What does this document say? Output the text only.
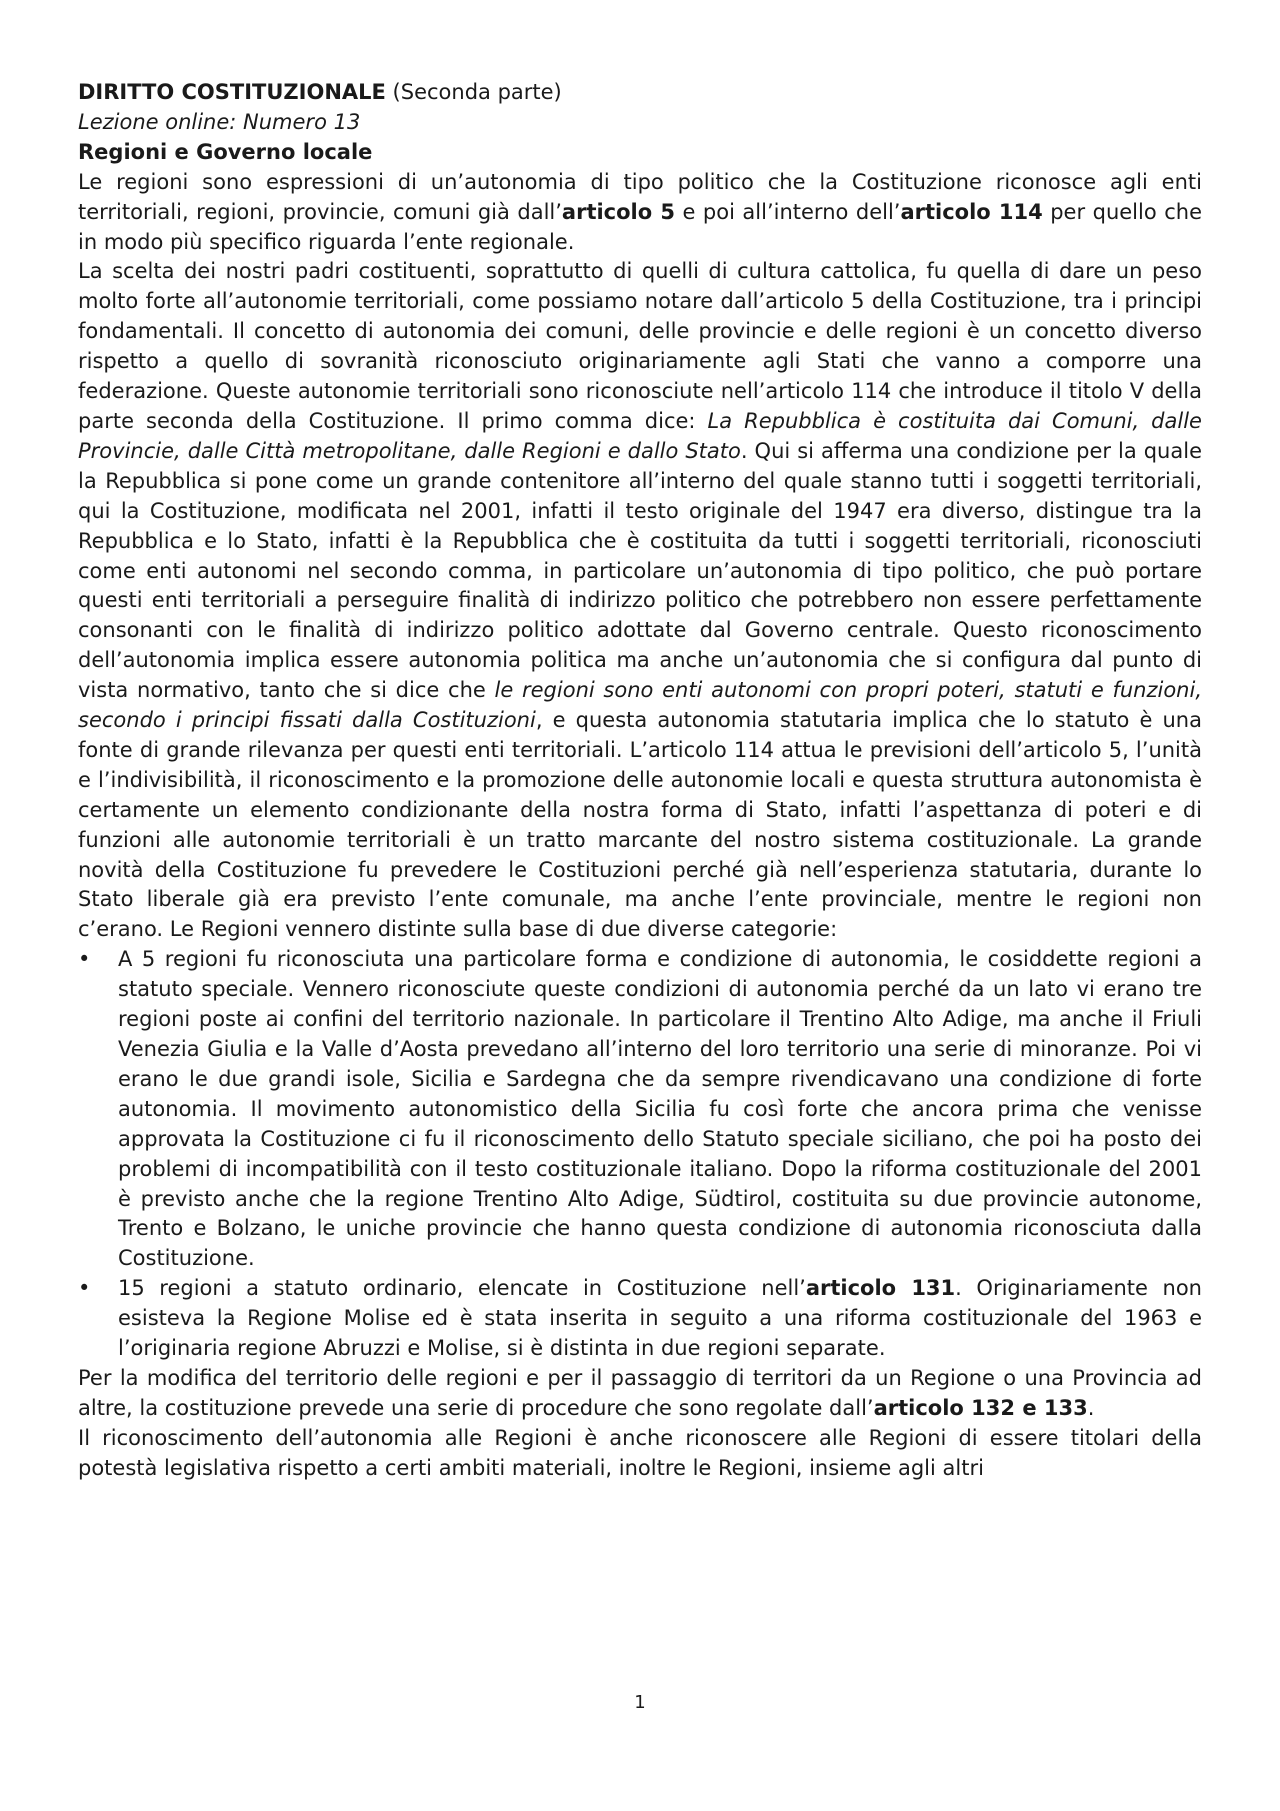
DIRITTO COSTITUZIONALE (Seconda parte)

Lezione online: Numero 13

Regioni e Governo locale

Le regioni sono espressioni di un’autonomia di tipo politico che la Costituzione riconosce agli enti territoriali, regioni, provincie, comuni già dall’articolo 5 e poi all’interno dell’articolo 114 per quello che in modo più specifico riguarda l’ente regionale.

La scelta dei nostri padri costituenti, soprattutto di quelli di cultura cattolica, fu quella di dare un peso molto forte all’autonomie territoriali, come possiamo notare dall’articolo 5 della Costituzione, tra i principi fondamentali. Il concetto di autonomia dei comuni, delle provincie e delle regioni è un concetto diverso rispetto a quello di sovranità riconosciuto originariamente agli Stati che vanno a comporre una federazione. Queste autonomie territoriali sono riconosciute nell’articolo 114 che introduce il titolo V della parte seconda della Costituzione. Il primo comma dice: La Repubblica è costituita dai Comuni, dalle Provincie, dalle Città metropolitane, dalle Regioni e dallo Stato. Qui si afferma una condizione per la quale la Repubblica si pone come un grande contenitore all’interno del quale stanno tutti i soggetti territoriali, qui la Costituzione, modificata nel 2001, infatti il testo originale del 1947 era diverso, distingue tra la Repubblica e lo Stato, infatti è la Repubblica che è costituita da tutti i soggetti territoriali, riconosciuti come enti autonomi nel secondo comma, in particolare un’autonomia di tipo politico, che può portare questi enti territoriali a perseguire finalità di indirizzo politico che potrebbero non essere perfettamente consonanti con le finalità di indirizzo politico adottate dal Governo centrale. Questo riconoscimento dell’autonomia implica essere autonomia politica ma anche un’autonomia che si configura dal punto di vista normativo, tanto che si dice che le regioni sono enti autonomi con propri poteri, statuti e funzioni, secondo i principi fissati dalla Costituzioni, e questa autonomia statutaria implica che lo statuto è una fonte di grande rilevanza per questi enti territoriali. L’articolo 114 attua le previsioni dell’articolo 5, l’unità e l’indivisibilità, il riconoscimento e la promozione delle autonomie locali e questa struttura autonomista è certamente un elemento condizionante della nostra forma di Stato, infatti l’aspettanza di poteri e di funzioni alle autonomie territoriali è un tratto marcante del nostro sistema costituzionale. La grande novità della Costituzione fu prevedere le Costituzioni perché già nell’esperienza statutaria, durante lo Stato liberale già era previsto l’ente comunale, ma anche l’ente provinciale, mentre le regioni non c’erano. Le Regioni vennero distinte sulla base di due diverse categorie:

• A 5 regioni fu riconosciuta una particolare forma e condizione di autonomia, le cosiddette regioni a statuto speciale. Vennero riconosciute queste condizioni di autonomia perché da un lato vi erano tre regioni poste ai confini del territorio nazionale. In particolare il Trentino Alto Adige, ma anche il Friuli Venezia Giulia e la Valle d’Aosta prevedano all’interno del loro territorio una serie di minoranze. Poi vi erano le due grandi isole, Sicilia e Sardegna che da sempre rivendicavano una condizione di forte autonomia. Il movimento autonomistico della Sicilia fu così forte che ancora prima che venisse approvata la Costituzione ci fu il riconoscimento dello Statuto speciale siciliano, che poi ha posto dei problemi di incompatibilità con il testo costituzionale italiano. Dopo la riforma costituzionale del 2001 è previsto anche che la regione Trentino Alto Adige, Südtirol, costituita su due provincie autonome, Trento e Bolzano, le uniche provincie che hanno questa condizione di autonomia riconosciuta dalla Costituzione.
• 15 regioni a statuto ordinario, elencate in Costituzione nell’articolo 131. Originariamente non esisteva la Regione Molise ed è stata inserita in seguito a una riforma costituzionale del 1963 e l’originaria regione Abruzzi e Molise, si è distinta in due regioni separate.

Per la modifica del territorio delle regioni e per il passaggio di territori da un Regione o una Provincia ad altre, la costituzione prevede una serie di procedure che sono regolate dall’articolo 132 e 133.

Il riconoscimento dell’autonomia alle Regioni è anche riconoscere alle Regioni di essere titolari della potestà legislativa rispetto a certi ambiti materiali, inoltre le Regioni, insieme agli altri

1
